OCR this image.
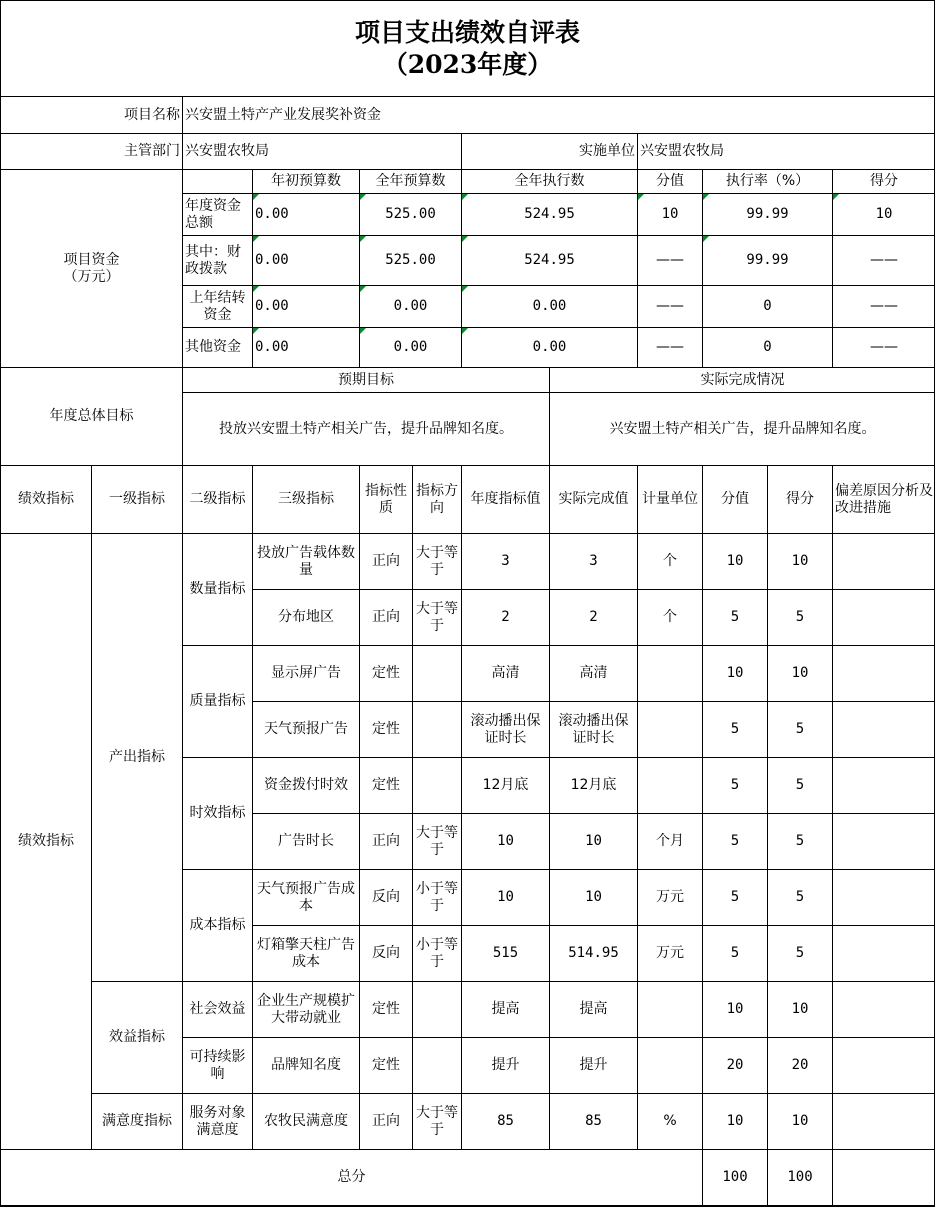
项目支出绩效自评表
（2023年度）
项目名称		兴安盟土特产产业发展奖补资金									
主管部门		兴安盟农牧局				实施单位		兴安盟农牧局			
项目资金
（万元）			年初预算数	全年预算数		全年执行数		分值	执行率（%）		得分
		年度资金总额	0.00	525.00		524.95		10	99.99		10
		其中：财政拨款	0.00	525.00		524.95		——	99.99		——
		上年结转资金	0.00	0.00		0.00		——	0		——
		其他资金	0.00	0.00		0.00		——	0		——
年度总体目标		预期目标					实际完成情况				
		投放兴安盟土特产相关广告，提升品牌知名度。					兴安盟土特产相关广告，提升品牌知名度。				
绩效指标	一级指标	二级指标	三级指标	指标性质	指标方向	年度指标值	实际完成值	计量单位	分值	得分	偏差原因分析及改进措施
绩效指标	产出指标	数量指标	投放广告载体数量	正向	大于等于	3	3	个	10	10	
			分布地区	正向	大于等于	2	2	个	5	5	
		质量指标	显示屏广告	定性		高清	高清		10	10	
			天气预报广告	定性		滚动播出保证时长	滚动播出保证时长		5	5	
		时效指标	资金拨付时效	定性		12月底	12月底		5	5	
			广告时长	正向	大于等于	10	10	个月	5	5	
		成本指标	天气预报广告成本	反向	小于等于	10	10	万元	5	5	
			灯箱擎天柱广告成本	反向	小于等于	515	514.95	万元	5	5	
	效益指标	社会效益	企业生产规模扩大带动就业	定性		提高	提高		10	10	
		可持续影响	品牌知名度	定性		提升	提升		20	20	
	满意度指标	服务对象满意度	农牧民满意度	正向	大于等于	85	85	%	10	10	
总分									100	100	
